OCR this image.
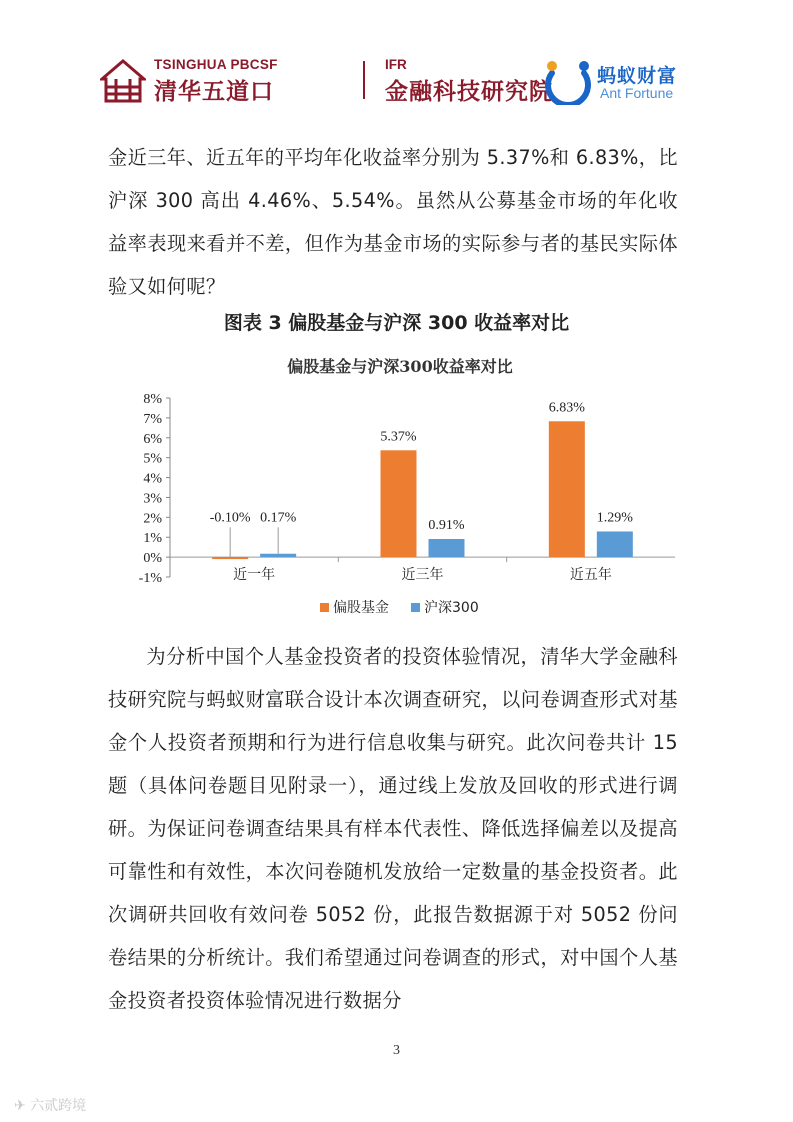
TSINGHUA PBCSF
清华五道口
IFR
金融科技研究院
蚂蚁财富
Ant Fortune

金近三年、近五年的平均年化收益率分别为 5.37%和 6.83%，比沪深 300 高出 4.46%、5.54%。虽然从公募基金市场的年化收益率表现来看并不差，但作为基金市场的实际参与者的基民实际体验又如何呢？

图表 3 偏股基金与沪深 300 收益率对比
偏股基金与沪深300收益率对比
-1%
0%
1%
2%
3%
4%
5%
6%
7%
8%
近一年
-0.10% 0.17%
近三年
5.37%
0.91%
近五年
6.83%
1.29%
偏股基金	沪深300

为分析中国个人基金投资者的投资体验情况，清华大学金融科技研究院与蚂蚁财富联合设计本次调查研究，以问卷调查形式对基金个人投资者预期和行为进行信息收集与研究。此次问卷共计 15 题（具体问卷题目见附录一），通过线上发放及回收的形式进行调研。为保证问卷调查结果具有样本代表性、降低选择偏差以及提高可靠性和有效性，本次问卷随机发放给一定数量的基金投资者。此次调研共回收有效问卷 5052 份，此报告数据源于对 5052 份问卷结果的分析统计。我们希望通过问卷调查的形式，对中国个人基金投资者投资体验情况进行数据分

3
✈ 六贰跨境
